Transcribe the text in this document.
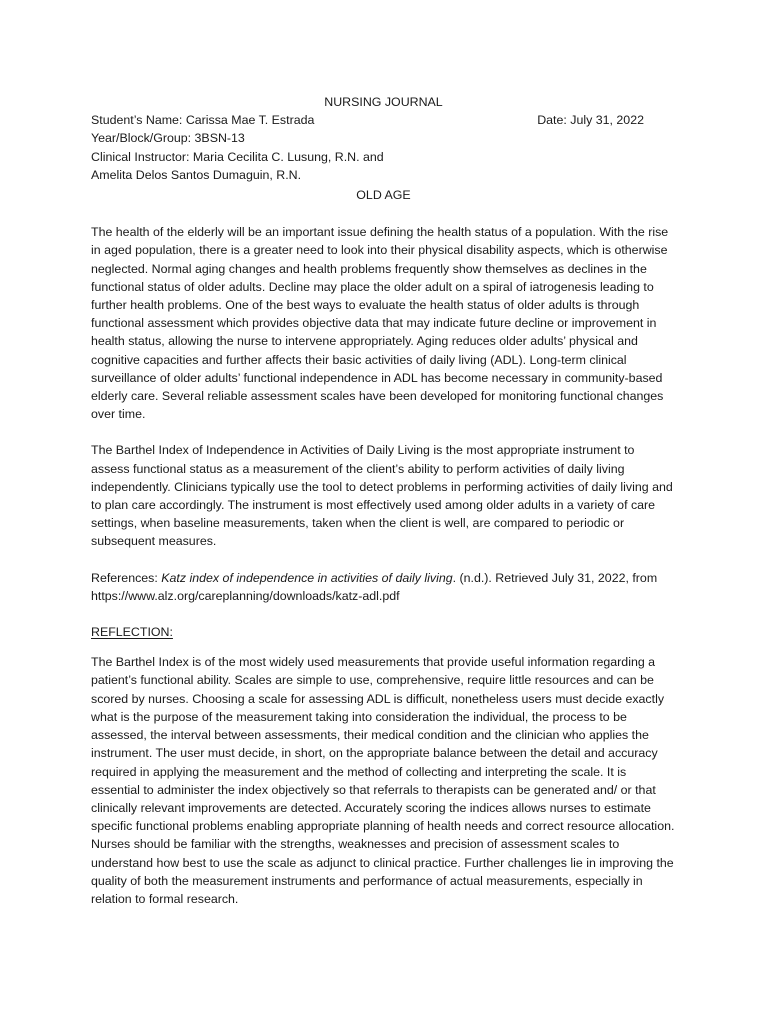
NURSING JOURNAL

Student’s Name: Carissa Mae T. Estrada	Date: July 31, 2022

Year/Block/Group: 3BSN-13

Clinical Instructor: Maria Cecilita C. Lusung, R.N. and

Amelita Delos Santos Dumaguin, R.N.

OLD AGE

The health of the elderly will be an important issue defining the health status of a population. With the rise in aged population, there is a greater need to look into their physical disability aspects, which is otherwise neglected. Normal aging changes and health problems frequently show themselves as declines in the functional status of older adults. Decline may place the older adult on a spiral of iatrogenesis leading to further health problems. One of the best ways to evaluate the health status of older adults is through functional assessment which provides objective data that may indicate future decline or improvement in health status, allowing the nurse to intervene appropriately. Aging reduces older adults’ physical and cognitive capacities and further affects their basic activities of daily living (ADL). Long-term clinical surveillance of older adults’ functional independence in ADL has become necessary in community-based elderly care. Several reliable assessment scales have been developed for monitoring functional changes over time.

The Barthel Index of Independence in Activities of Daily Living is the most appropriate instrument to assess functional status as a measurement of the client’s ability to perform activities of daily living independently. Clinicians typically use the tool to detect problems in performing activities of daily living and to plan care accordingly. The instrument is most effectively used among older adults in a variety of care settings, when baseline measurements, taken when the client is well, are compared to periodic or subsequent measures.

References: Katz index of independence in activities of daily living. (n.d.). Retrieved July 31, 2022, from https://www.alz.org/careplanning/downloads/katz-adl.pdf

REFLECTION:

The Barthel Index is of the most widely used measurements that provide useful information regarding a patient’s functional ability. Scales are simple to use, comprehensive, require little resources and can be scored by nurses. Choosing a scale for assessing ADL is difficult, nonetheless users must decide exactly what is the purpose of the measurement taking into consideration the individual, the process to be assessed, the interval between assessments, their medical condition and the clinician who applies the instrument. The user must decide, in short, on the appropriate balance between the detail and accuracy required in applying the measurement and the method of collecting and interpreting the scale. It is essential to administer the index objectively so that referrals to therapists can be generated and/ or that clinically relevant improvements are detected. Accurately scoring the indices allows nurses to estimate specific functional problems enabling appropriate planning of health needs and correct resource allocation. Nurses should be familiar with the strengths, weaknesses and precision of assessment scales to understand how best to use the scale as adjunct to clinical practice. Further challenges lie in improving the quality of both the measurement instruments and performance of actual measurements, especially in relation to formal research.
